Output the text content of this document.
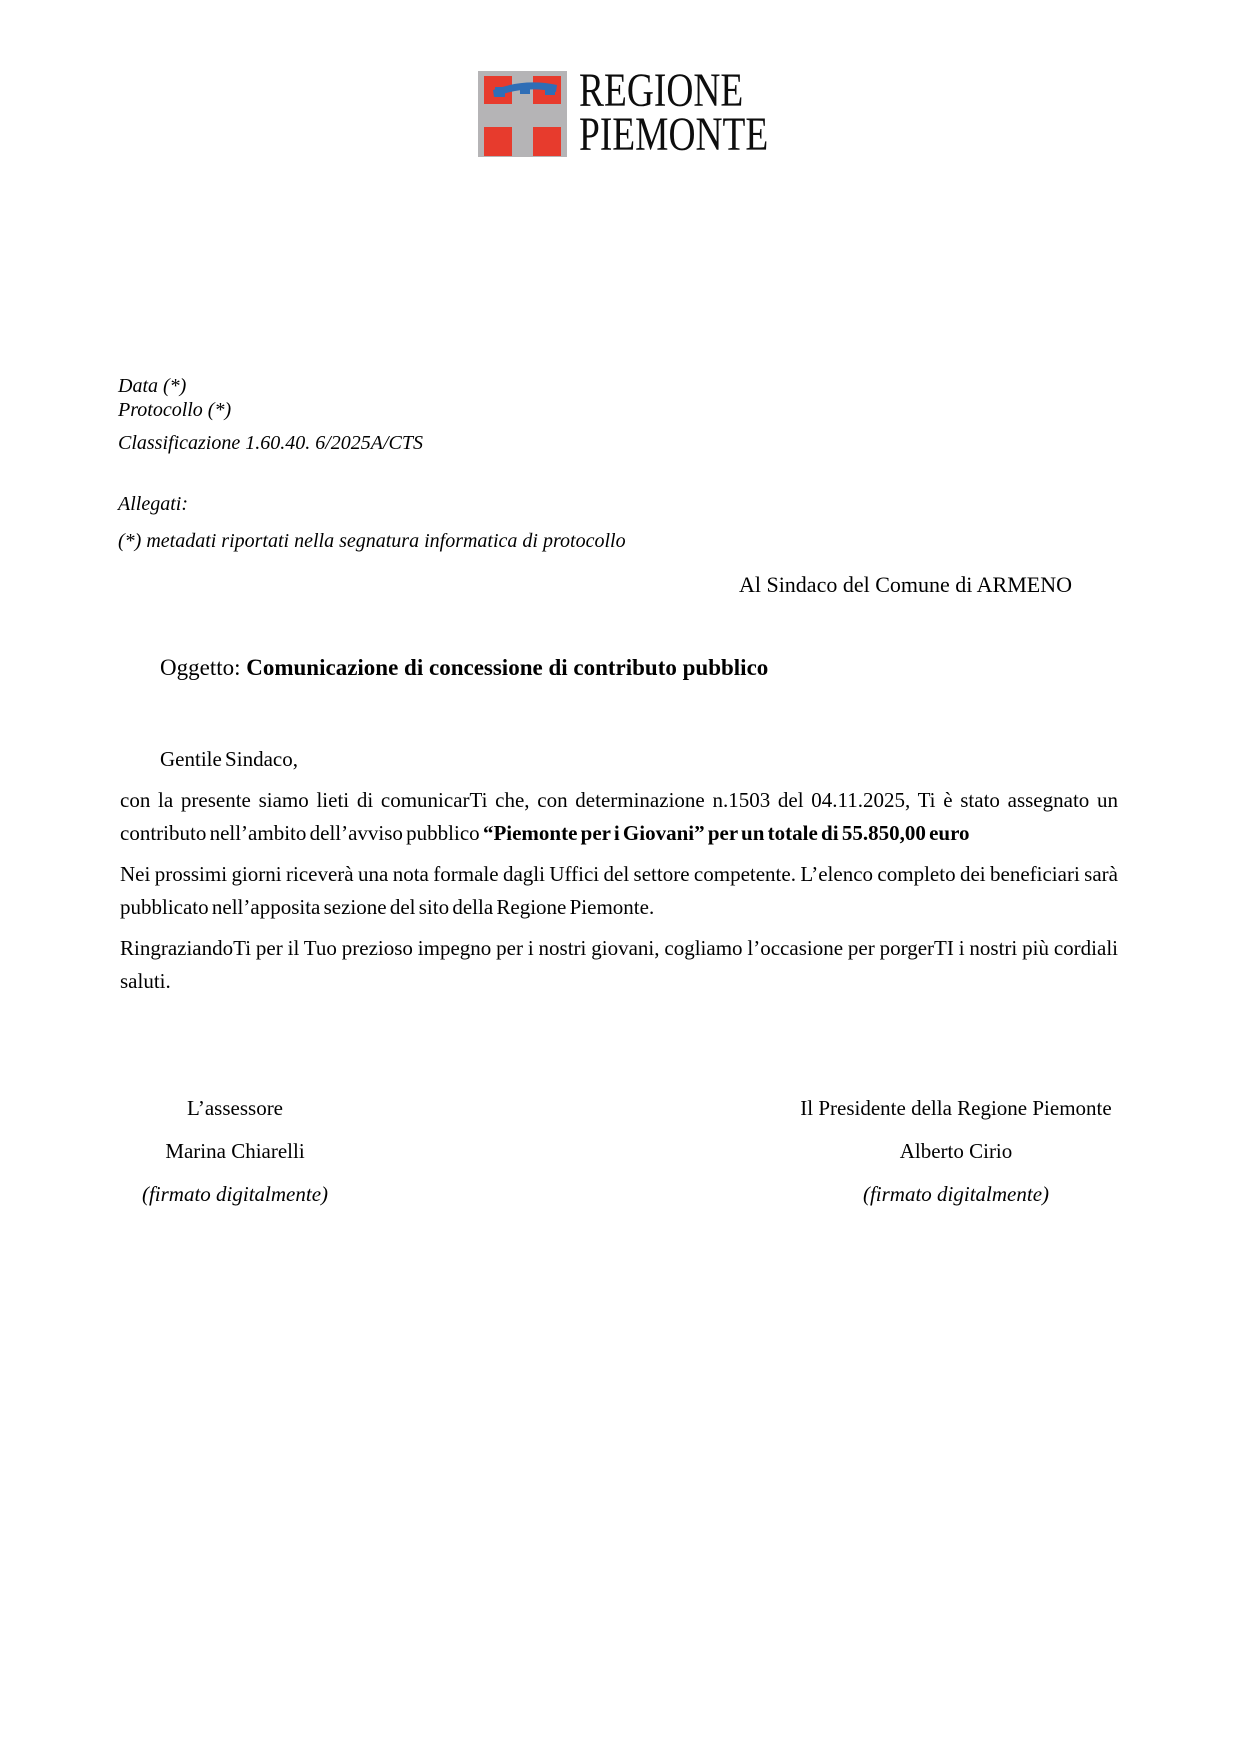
REGIONE
PIEMONTE

Data (*)

Protocollo (*)

Classificazione 1.60.40. 6/2025A/CTS

Allegati:

(*) metadati riportati nella segnatura informatica di protocollo

Al Sindaco del Comune di ARMENO
Oggetto: Comunicazione di concessione di contributo pubblico

Gentile Sindaco,

con la presente siamo lieti di comunicarTi che, con determinazione n.1503 del 04.11.2025, Ti è stato assegnato un contributo nell’ambito dell’avviso pubblico “Piemonte per i Giovani” per un totale di 55.850,00 euro

Nei prossimi giorni riceverà una nota formale dagli Uffici del settore competente. L’elenco completo dei beneficiari sarà pubblicato nell’apposita sezione del sito della Regione Piemonte.

RingraziandoTi per il Tuo prezioso impegno per i nostri giovani, cogliamo l’occasione per porgerTI i nostri più cordiali saluti.

L’assessore

Marina Chiarelli

(firmato digitalmente)

Il Presidente della Regione Piemonte

Alberto Cirio

(firmato digitalmente)
